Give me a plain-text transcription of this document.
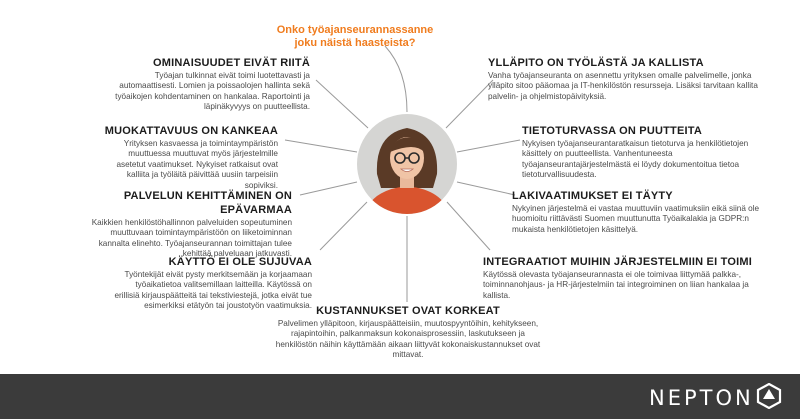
Onko työajanseurannassanne joku näistä haasteista?
OMINAISUUDET EIVÄT RIITÄ
Työajan tulkinnat eivät toimi luotettavasti ja automaattisesti. Lomien ja poissaolojen hallinta sekä työaikojen kohdentaminen on hankalaa. Raportointi ja läpinäkyvyys on puutteellista.
MUOKATTAVUUS ON KANKEAA
Yrityksen kasvaessa ja toimintaympäristön muuttuessa muuttuvat myös järjestelmille asetetut vaatimukset. Nykyiset ratkaisut ovat kalliita ja työläitä päivittää uusiin tarpeisiin sopiviksi.
PALVELUN KEHITTÄMINEN ON EPÄVARMAA
Kaikkien henkilöstöhallinnon palveluiden sopeutuminen muuttuvaan toimintaympäristöön on liiketoiminnan kannalta elinehto. Työajanseurannan toimittajan tulee kehittää palveluaan jatkuvasti.
KÄYTTÖ EI OLE SUJUVAA
Työntekijät eivät pysty merkitsemään ja korjaamaan työaikatietoa valitsemillaan laitteilla. Käytössä on erillisiä kirjauspäätteitä tai tekstiviestejä, jotka eivät tue esimerkiksi etätyön tai joustotyön vaatimuksia. KUSTANNUKSET OVAT KORKEAT
Palvelimen ylläpitoon, kirjauspäätteisiin, muutospyyntöihin, kehitykseen, rajapintoihin, palkanmaksun kokonaisprosessiin, laskutukseen ja henkilöstön näihin käyttämään aikaan liittyvät kokonaiskustannukset ovat mittavat.
YLLÄPITO ON TYÖLÄSTÄ JA KALLISTA
Vanha työajanseuranta on asennettu yrityksen omalle palvelimelle, jonka ylläpito sitoo pääomaa ja IT-henkilöstön resursseja. Lisäksi tarvitaan kallita palvelin- ja ohjelmistopäivityksiä.
TIETOTURVASSA ON PUUTTEITA
Nykyisen työajanseurantaratkaisun tietoturva ja henkilötietojen käsittely on puutteellista. Vanhentuneesta työajanseurantajärjestelmästä ei löydy dokumentoitua tietoa tietoturvallisuudesta.
LAKIVAATIMUKSET EI TÄYTY
Nykyinen järjestelmä ei vastaa muuttuviin vaatimuksiin eikä siinä ole huomioitu riittävästi Suomen muuttunutta Työaikalakia ja GDPR:n mukaista henkilötietojen käsittelyä.
INTEGRAATIOT MUIHIN JÄRJESTELMIIN EI TOIMI
Käytössä olevasta työajanseurannasta ei ole toimivaa liittymää palkka-, toiminnanohjaus- ja HR-järjestelmiin tai integroiminen on liian hankalaa ja kallista.
NEPTON
